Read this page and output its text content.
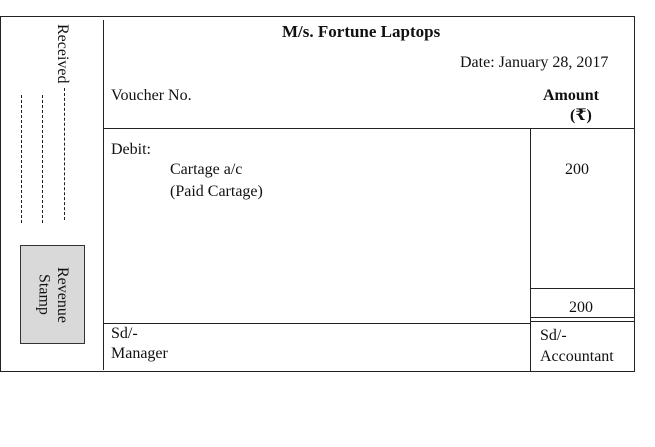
Received
Revenue
Stamp
M/s. Fortune Laptops
Date: January 28, 2017
Voucher No.	Amount
(₹)
Debit:
Cartage a/c
(Paid Cartage)
200
200
Sd/-
Manager
Sd/-
Accountant
